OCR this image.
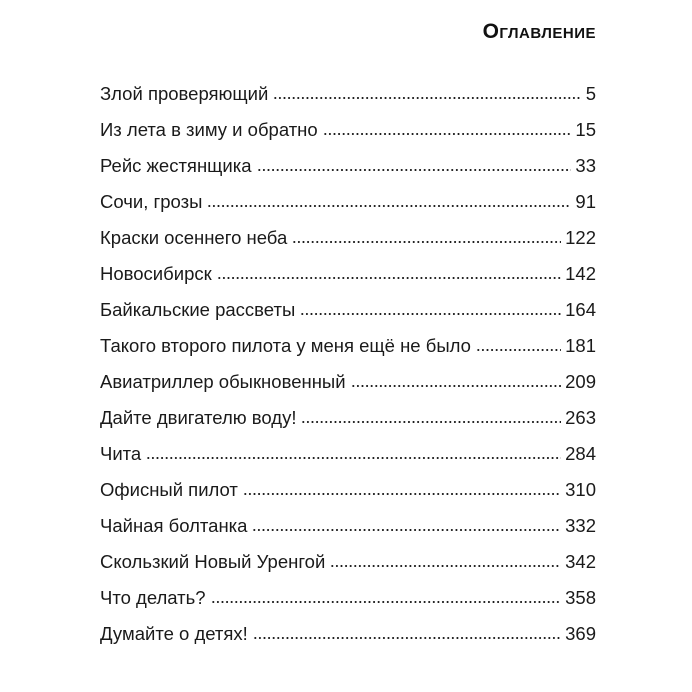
Оглавление
Злой проверяющий	5
Из лета в зиму и обратно	15
Рейс жестянщика	33
Сочи, грозы	91
Краски осеннего неба	122
Новосибирск	142
Байкальские рассветы	164
Такого второго пилота у меня ещё не было	181
Авиатриллер обыкновенный	209
Дайте двигателю воду!	263
Чита	284
Офисный пилот	310
Чайная болтанка	332
Скользкий Новый Уренгой	342
Что делать?	358
Думайте о детях!	369
